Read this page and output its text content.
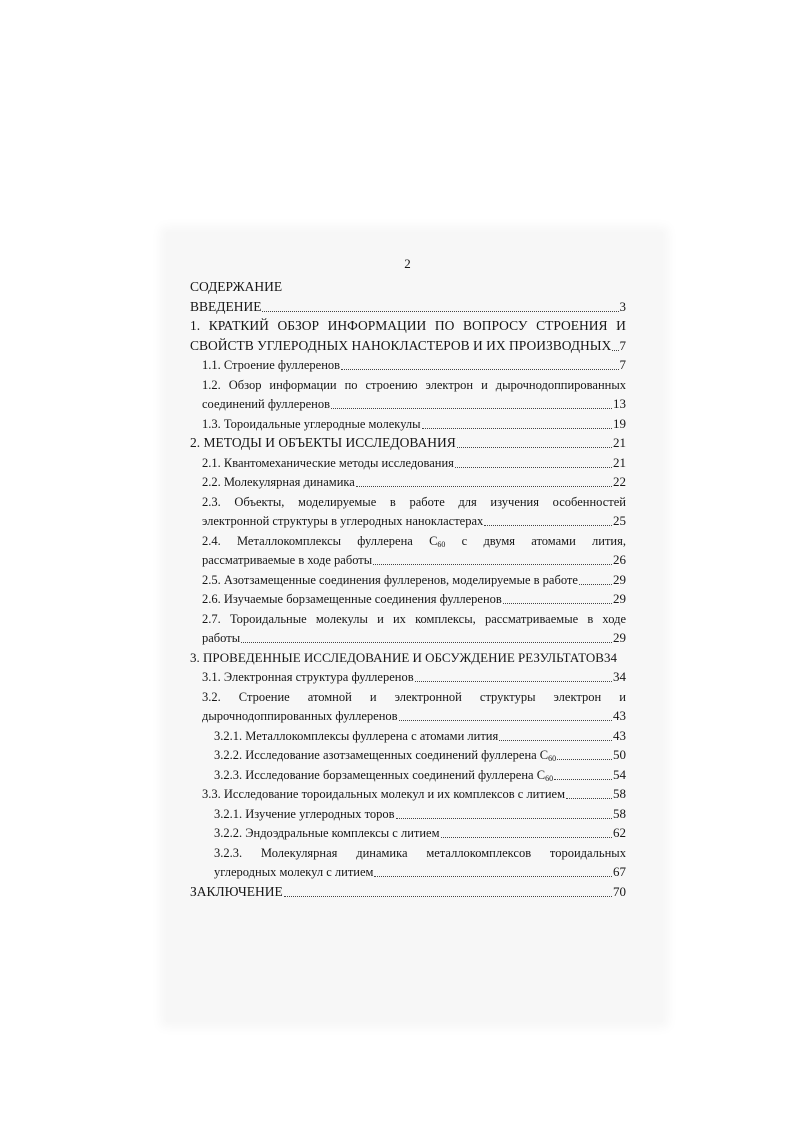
2
СОДЕРЖАНИЕ
ВВЕДЕНИЕ	3
1. КРАТКИЙ ОБЗОР ИНФОРМАЦИИ ПО ВОПРОСУ СТРОЕНИЯ И
СВОЙСТВ УГЛЕРОДНЫХ НАНОКЛАСТЕРОВ И ИХ ПРОИЗВОДНЫХ 7
1.1. Строение фуллеренов	7
1.2. Обзор информации по строению электрон и дырочнодоппированных
соединений фуллеренов	13
1.3. Тороидальные углеродные молекулы	19
2. МЕТОДЫ И ОБЪЕКТЫ ИССЛЕДОВАНИЯ	21
2.1. Квантомеханические методы исследования	21
2.2. Молекулярная динамика	22
2.3. Объекты, моделируемые в работе для изучения особенностей
электронной структуры в углеродных нанокластерах	25
2.4. Металлокомплексы фуллерена $C_{60}$ с двумя атомами лития,
рассматриваемые в ходе работы	26
2.5. Азотзамещенные соединения фуллеренов, моделируемые в работе	29
2.6. Изучаемые борзамещенные соединения фуллеренов	29
2.7. Тороидальные молекулы и их комплексы, рассматриваемые в ходе
работы	29
3. ПРОВЕДЕННЫЕ ИССЛЕДОВАНИЕ И ОБСУЖДЕНИЕ РЕЗУЛЬТАТОВ 34
3.1. Электронная структура фуллеренов	34
3.2. Строение атомной и электронной структуры электрон и
дырочнодоппированных фуллеренов	43
3.2.1. Металлокомплексы фуллерена с атомами лития	43
3.2.2. Исследование азотзамещенных соединений фуллерена $C_{60}$	50
3.2.3. Исследование борзамещенных соединений фуллерена $C_{60}$	54
3.3. Исследование тороидальных молекул и их комплексов с литием	58
3.2.1. Изучение углеродных торов	58
3.2.2. Эндоэдральные комплексы с литием	62
3.2.3. Молекулярная динамика металлокомплексов тороидальных
углеродных молекул с литием	67
ЗАКЛЮЧЕНИЕ	70
